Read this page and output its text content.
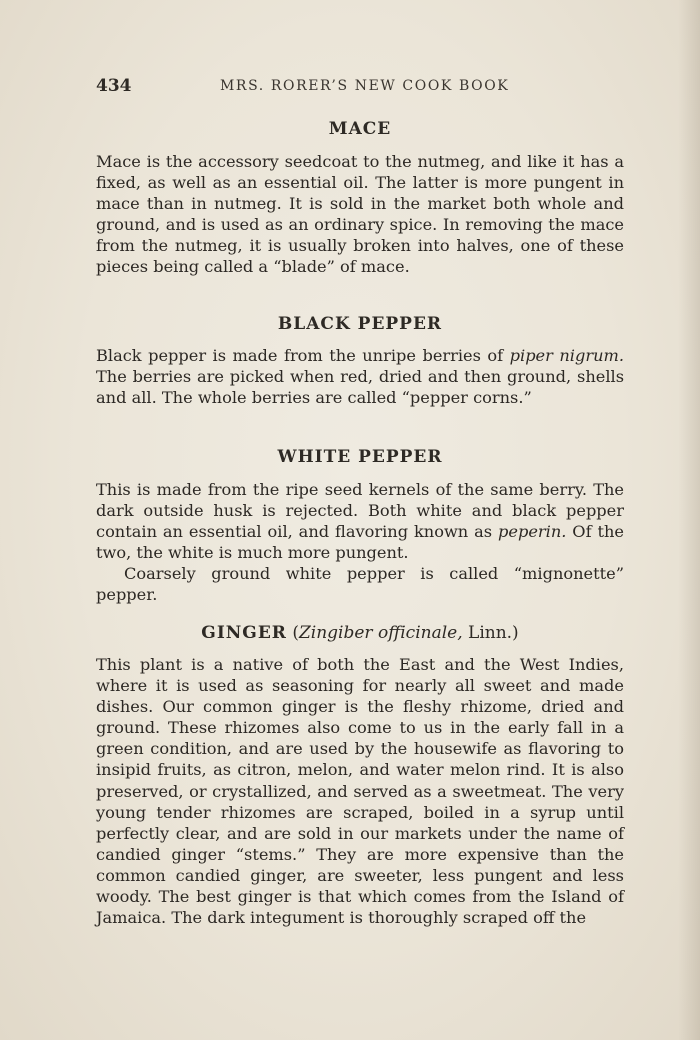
434	MRS. RORER’S NEW COOK BOOK
MACE

Mace is the accessory seedcoat to the nutmeg, and like it has a fixed, as well as an essential oil. The latter is more pungent in mace than in nutmeg. It is sold in the market both whole and ground, and is used as an ordinary spice. In removing the mace from the nutmeg, it is usually broken into halves, one of these pieces being called a “blade” of mace.

BLACK PEPPER

Black pepper is made from the unripe berries of piper nigrum. The berries are picked when red, dried and then ground, shells and all. The whole berries are called “pepper corns.”

WHITE PEPPER

This is made from the ripe seed kernels of the same berry. The dark outside husk is rejected. Both white and black pepper contain an essential oil, and flavoring known as peperin. Of the two, the white is much more pungent.

Coarsely ground white pepper is called “mignonette” pepper.

GINGER (Zingiber officinale, Linn.)

This plant is a native of both the East and the West Indies, where it is used as seasoning for nearly all sweet and made dishes. Our common ginger is the fleshy rhizome, dried and ground. These rhizomes also come to us in the early fall in a green condition, and are used by the housewife as flavoring to insipid fruits, as citron, melon, and water melon rind. It is also preserved, or crystallized, and served as a sweetmeat. The very young tender rhizomes are scraped, boiled in a syrup until perfectly clear, and are sold in our markets under the name of candied ginger “stems.” They are more expensive than the common candied ginger, are sweeter, less pungent and less woody. The best ginger is that which comes from the Island of Jamaica. The dark integument is thoroughly scraped off the
